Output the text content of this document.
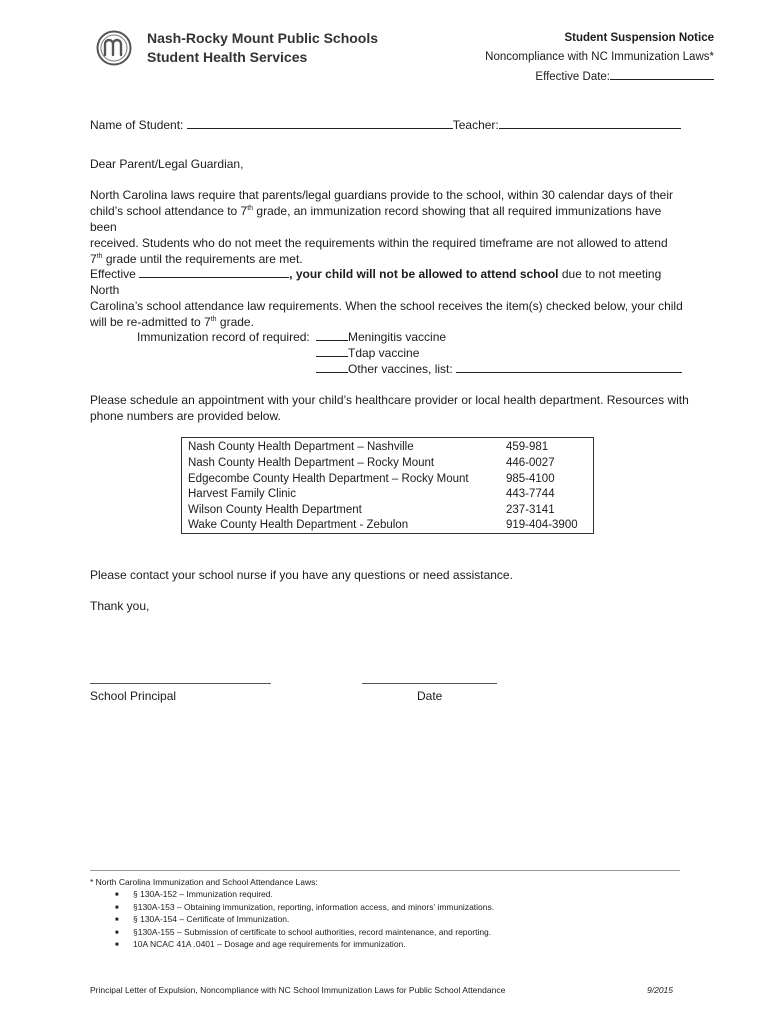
Nash-Rocky Mount Public Schools
Student Health Services
Student Suspension Notice
Noncompliance with NC Immunization Laws*
Effective Date:
Name of Student:	Teacher:
Dear Parent/Legal Guardian,
North Carolina laws require that parents/legal guardians provide to the school, within 30 calendar days of their
child’s school attendance to 7th grade, an immunization record showing that all required immunizations have been
received. Students who do not meet the requirements within the required timeframe are not allowed to attend
7th grade until the requirements are met.
Effective	, your child will not be allowed to attend school due to not meeting North
Carolina’s school attendance law requirements. When the school receives the item(s) checked below, your child
will be re-admitted to 7th grade.
Immunization record of required:	Meningitis vaccine
Tdap vaccine
Other vaccines, list:
Please schedule an appointment with your child’s healthcare provider or local health department. Resources with
phone numbers are provided below.
Nash County Health Department – Nashville	459-981
Nash County Health Department – Rocky Mount	446-0027
Edgecombe County Health Department – Rocky Mount	985-4100
Harvest Family Clinic	443-7744
Wilson County Health Department	237-3141
Wake County Health Department - Zebulon	919-404-3900
Please contact your school nurse if you have any questions or need assistance.
Thank you,
School Principal	Date
* North Carolina Immunization and School Attendance Laws:
■ § 130A-152 – Immunization required.
■ §130A-153 – Obtaining immunization, reporting, information access, and minors’ immunizations.
■ § 130A-154 – Certificate of Immunization.
■ §130A-155 – Submission of certificate to school authorities, record maintenance, and reporting.
■ 10A NCAC 41A .0401 – Dosage and age requirements for immunization.
Principal Letter of Expulsion, Noncompliance with NC School Immunization Laws for Public School Attendance	9/2015
